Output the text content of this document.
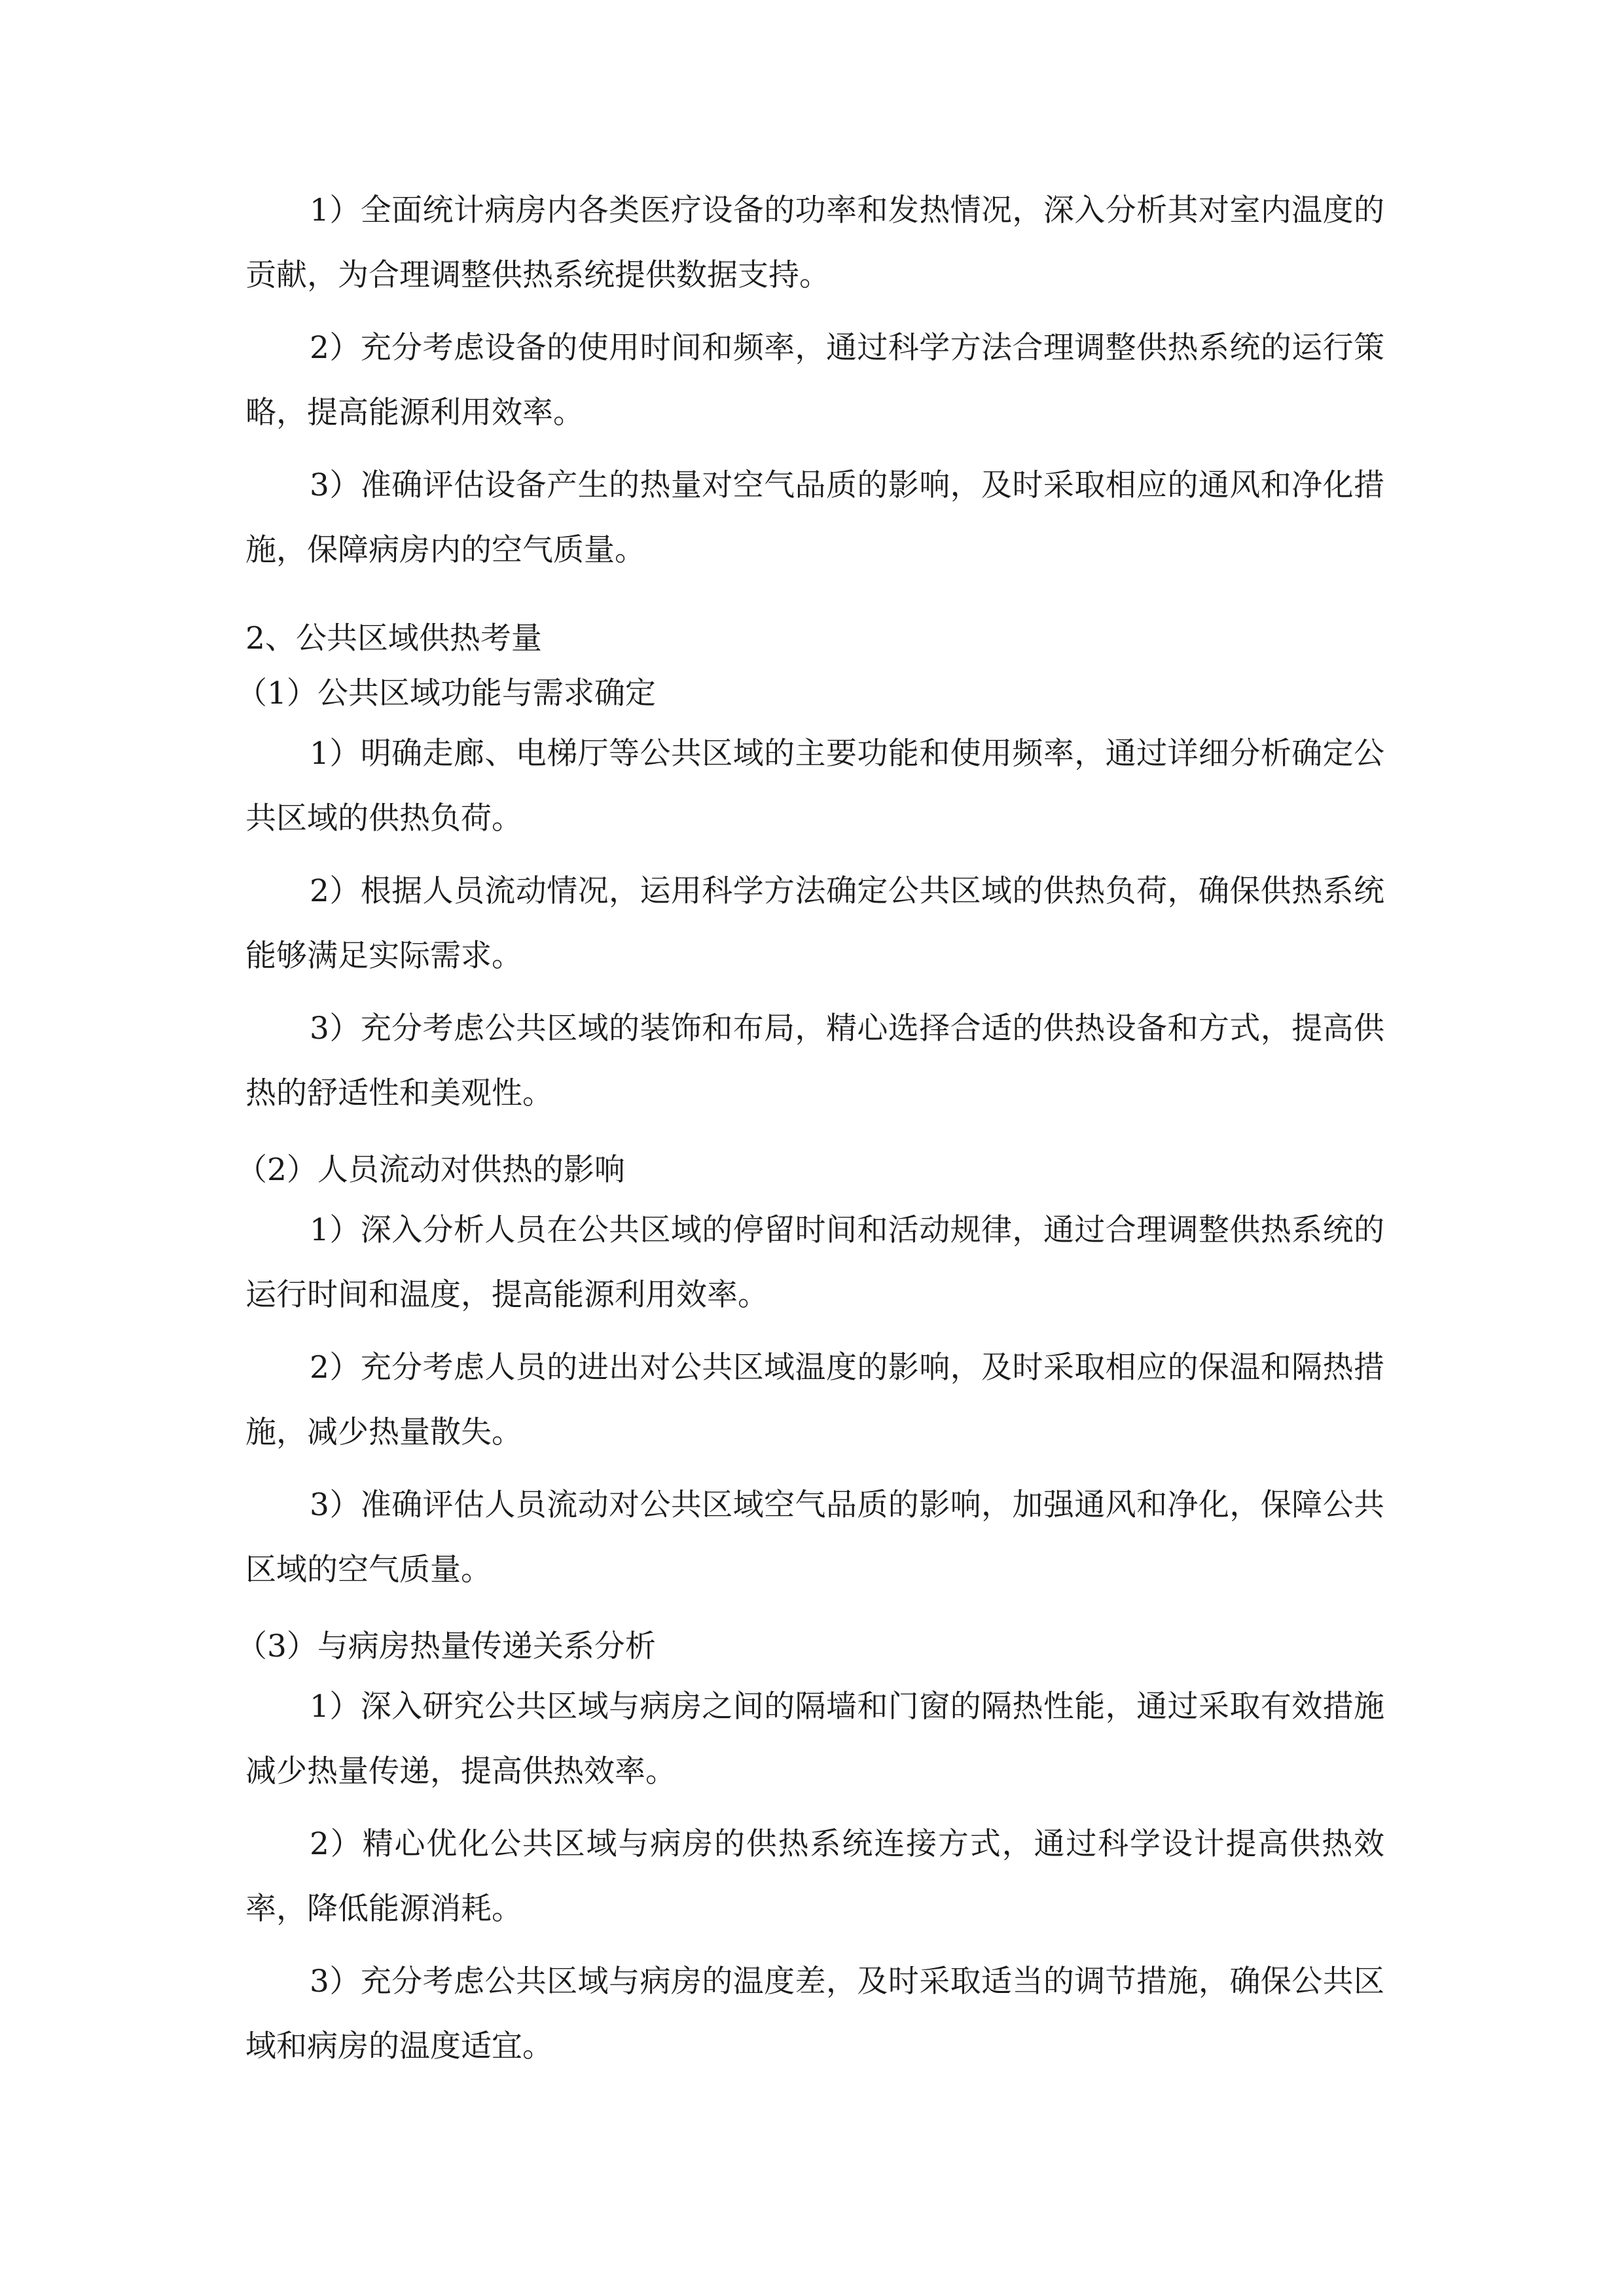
1）全面统计病房内各类医疗设备的功率和发热情况，深入分析其对室内温度的贡献，为合理调整供热系统提供数据支持。

2）充分考虑设备的使用时间和频率，通过科学方法合理调整供热系统的运行策略，提高能源利用效率。

3）准确评估设备产生的热量对空气品质的影响，及时采取相应的通风和净化措施，保障病房内的空气质量。

2、公共区域供热考量

（1）公共区域功能与需求确定

1）明确走廊、电梯厅等公共区域的主要功能和使用频率，通过详细分析确定公共区域的供热负荷。

2）根据人员流动情况，运用科学方法确定公共区域的供热负荷，确保供热系统能够满足实际需求。

3）充分考虑公共区域的装饰和布局，精心选择合适的供热设备和方式，提高供热的舒适性和美观性。

（2）人员流动对供热的影响

1）深入分析人员在公共区域的停留时间和活动规律，通过合理调整供热系统的运行时间和温度，提高能源利用效率。

2）充分考虑人员的进出对公共区域温度的影响，及时采取相应的保温和隔热措施，减少热量散失。

3）准确评估人员流动对公共区域空气品质的影响，加强通风和净化，保障公共区域的空气质量。

（3）与病房热量传递关系分析

1）深入研究公共区域与病房之间的隔墙和门窗的隔热性能，通过采取有效措施减少热量传递，提高供热效率。

2）精心优化公共区域与病房的供热系统连接方式，通过科学设计提高供热效率，降低能源消耗。

3）充分考虑公共区域与病房的温度差，及时采取适当的调节措施，确保公共区域和病房的温度适宜。
